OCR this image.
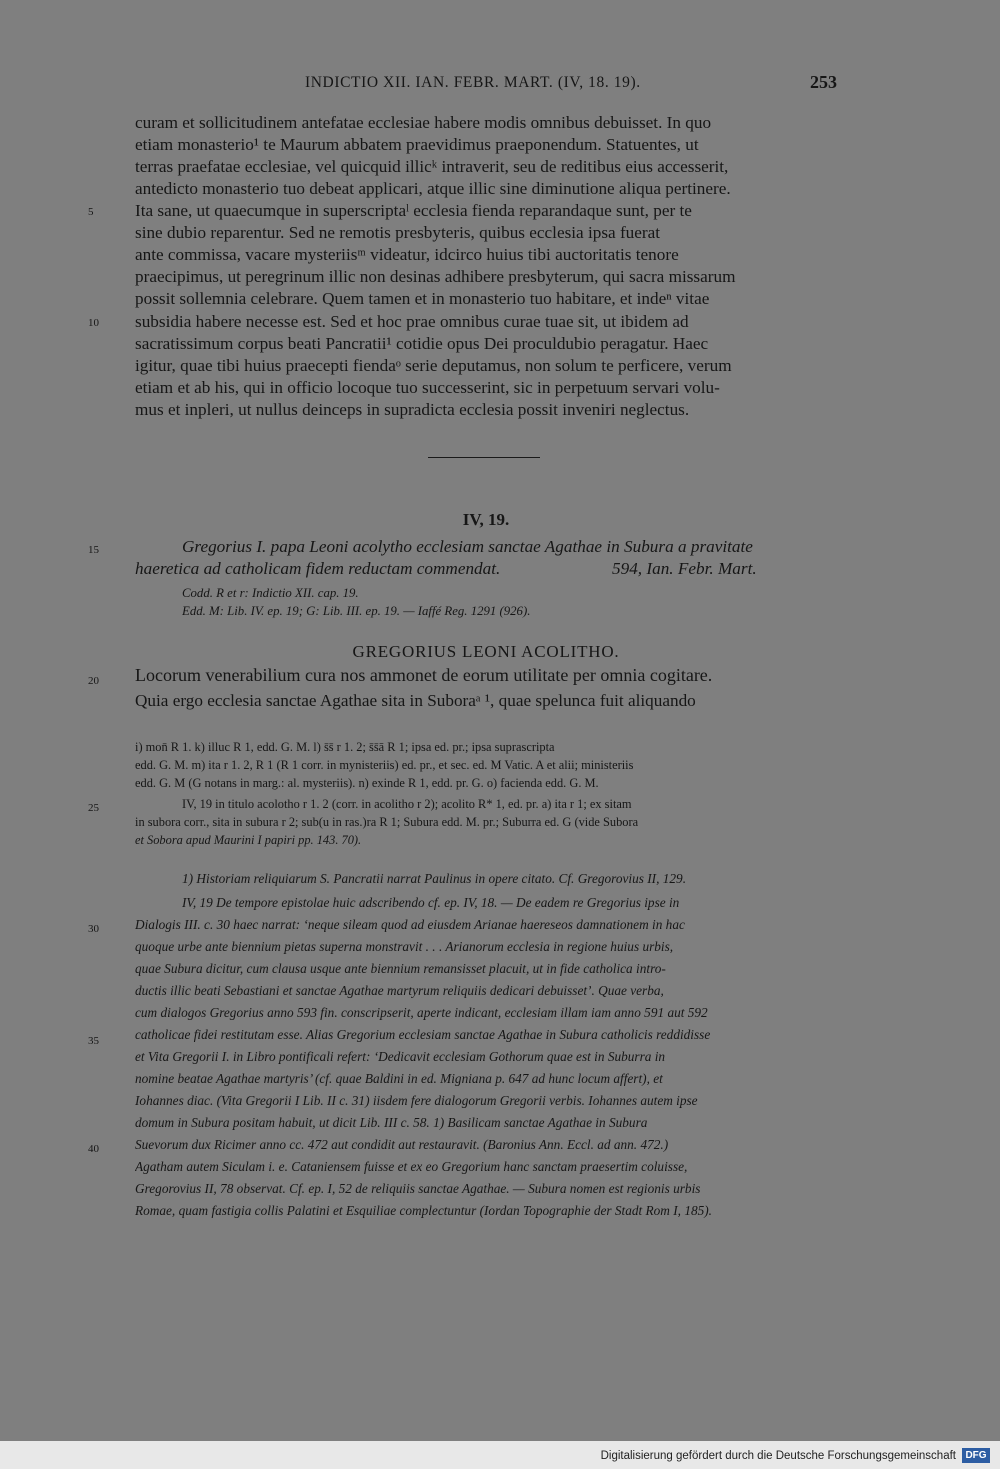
INDICTIO XII. IAN. FEBR. MART. (IV, 18. 19).	253
curam et sollicitudinem antefatae ecclesiae habere modis omnibus debuisset. In quo
etiam monasterio¹ te Maurum abbatem praevidimus praeponendum. Statuentes, ut
terras praefatae ecclesiae, vel quicquid illicᵏ intraverit, seu de reditibus eius accesserit,
antedicto monasterio tuo debeat applicari, atque illic sine diminutione aliqua pertinere.
Ita sane, ut quaecumque in superscriptaˡ ecclesia fienda reparandaque sunt, per te
sine dubio reparentur. Sed ne remotis presbyteris, quibus ecclesia ipsa fuerat
ante commissa, vacare mysteriisᵐ videatur, idcirco huius tibi auctoritatis tenore
praecipimus, ut peregrinum illic non desinas adhibere presbyterum, qui sacra missarum
possit sollemnia celebrare. Quem tamen et in monasterio tuo habitare, et indeⁿ vitae
subsidia habere necesse est. Sed et hoc prae omnibus curae tuae sit, ut ibidem ad
sacratissimum corpus beati Pancratii¹ cotidie opus Dei proculdubio peragatur. Haec
igitur, quae tibi huius praecepti fiendaᵒ serie deputamus, non solum te perficere, verum
etiam et ab his, qui in officio locoque tuo successerint, sic in perpetuum servari volu-
mus et inpleri, ut nullus deinceps in supradicta ecclesia possit inveniri neglectus.
5
10
15
20
25
30
35
40
IV, 19.
Gregorius I. papa Leoni acolytho ecclesiam sanctae Agathae in Subura a pravitate
haeretica ad catholicam fidem reductam commendat.	594, Ian. Febr. Mart.
Codd. R et r: Indictio XII. cap. 19.
Edd. M: Lib. IV. ep. 19; G: Lib. III. ep. 19. — Iaffé Reg. 1291 (926).
GREGORIUS LEONI ACOLITHO.
Locorum venerabilium cura nos ammonet de eorum utilitate per omnia cogitare.
Quia ergo ecclesia sanctae Agathae sita in Suboraᵃ ¹, quae spelunca fuit aliquando
i) mon̄ R 1. k) illuc R 1, edd. G. M. l) s̄s̄ r 1. 2; s̄s̄ā R 1; ipsa ed. pr.; ipsa suprascripta
edd. G. M. m) ita r 1. 2, R 1 (R 1 corr. in mynisteriis) ed. pr., et sec. ed. M Vatic. A et alii; ministeriis
edd. G. M (G notans in marg.: al. mysteriis). n) exinde R 1, edd. pr. G. o) facienda edd. G. M.
IV, 19 in titulo acolotho r 1. 2 (corr. in acolitho r 2); acolito R* 1, ed. pr. a) ita r 1; ex sitam
in subora corr., sita in subura r 2; sub(u in ras.)ra R 1; Subura edd. M. pr.; Suburra ed. G (vide Subora
et Sobora apud Maurini I papiri pp. 143. 70).
1) Historiam reliquiarum S. Pancratii narrat Paulinus in opere citato. Cf. Gregorovius II, 129.
IV, 19 De tempore epistolae huic adscribendo cf. ep. IV, 18. — De eadem re Gregorius ipse in
Dialogis III. c. 30 haec narrat: ‘neque sileam quod ad eiusdem Arianae haereseos damnationem in hac
quoque urbe ante biennium pietas superna monstravit . . . Arianorum ecclesia in regione huius urbis,
quae Subura dicitur, cum clausa usque ante biennium remansisset placuit, ut in fide catholica intro-
ductis illic beati Sebastiani et sanctae Agathae martyrum reliquiis dedicari debuisset’. Quae verba,
cum dialogos Gregorius anno 593 fin. conscripserit, aperte indicant, ecclesiam illam iam anno 591 aut 592
catholicae fidei restitutam esse. Alias Gregorium ecclesiam sanctae Agathae in Subura catholicis reddidisse
et Vita Gregorii I. in Libro pontificali refert: ‘Dedicavit ecclesiam Gothorum quae est in Suburra in
nomine beatae Agathae martyris’ (cf. quae Baldini in ed. Migniana p. 647 ad hunc locum affert), et
Iohannes diac. (Vita Gregorii I Lib. II c. 31) iisdem fere dialogorum Gregorii verbis. Iohannes autem ipse
domum in Subura positam habuit, ut dicit Lib. III c. 58. 1) Basilicam sanctae Agathae in Subura
Suevorum dux Ricimer anno cc. 472 aut condidit aut restauravit. (Baronius Ann. Eccl. ad ann. 472.)
Agatham autem Siculam i. e. Cataniensem fuisse et ex eo Gregorium hanc sanctam praesertim coluisse,
Gregorovius II, 78 observat. Cf. ep. I, 52 de reliquiis sanctae Agathae. — Subura nomen est regionis urbis
Romae, quam fastigia collis Palatini et Esquiliae complectuntur (Iordan Topographie der Stadt Rom I, 185).
Digitalisierung gefördert durch die Deutsche Forschungsgemeinschaft DFG
